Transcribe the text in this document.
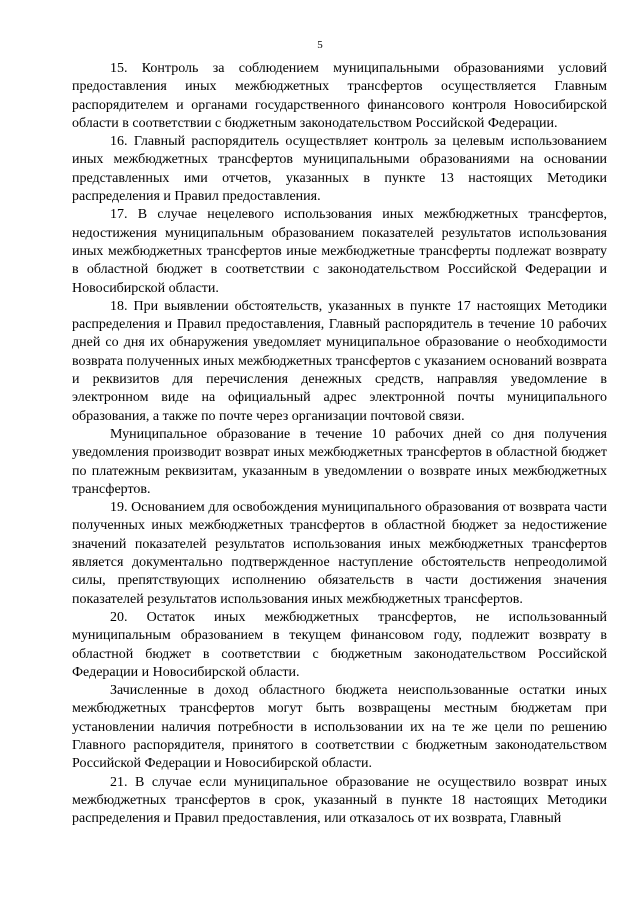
5

15. Контроль за соблюдением муниципальными образованиями условий предоставления иных межбюджетных трансфертов осуществляется Главным распорядителем и органами государственного финансового контроля Новосибирской области в соответствии с бюджетным законодательством Российской Федерации.

16. Главный распорядитель осуществляет контроль за целевым использованием иных межбюджетных трансфертов муниципальными образованиями на основании представленных ими отчетов, указанных в пункте 13 настоящих Методики распределения и Правил предоставления.

17. В случае нецелевого использования иных межбюджетных трансфертов, недостижения муниципальным образованием показателей результатов использования иных межбюджетных трансфертов иные межбюджетные трансферты подлежат возврату в областной бюджет в соответствии с законодательством Российской Федерации и Новосибирской области.

18. При выявлении обстоятельств, указанных в пункте 17 настоящих Методики распределения и Правил предоставления, Главный распорядитель в течение 10 рабочих дней со дня их обнаружения уведомляет муниципальное образование о необходимости возврата полученных иных межбюджетных трансфертов с указанием оснований возврата и реквизитов для перечисления денежных средств, направляя уведомление в электронном виде на официальный адрес электронной почты муниципального образования, а также по почте через организации почтовой связи.

Муниципальное образование в течение 10 рабочих дней со дня получения уведомления производит возврат иных межбюджетных трансфертов в областной бюджет по платежным реквизитам, указанным в уведомлении о возврате иных межбюджетных трансфертов.

19. Основанием для освобождения муниципального образования от возврата части полученных иных межбюджетных трансфертов в областной бюджет за недостижение значений показателей результатов использования иных межбюджетных трансфертов является документально подтвержденное наступление обстоятельств непреодолимой силы, препятствующих исполнению обязательств в части достижения значения показателей результатов использования иных межбюджетных трансфертов.

20. Остаток иных межбюджетных трансфертов, не использованный муниципальным образованием в текущем финансовом году, подлежит возврату в областной бюджет в соответствии с бюджетным законодательством Российской Федерации и Новосибирской области.

Зачисленные в доход областного бюджета неиспользованные остатки иных межбюджетных трансфертов могут быть возвращены местным бюджетам при установлении наличия потребности в использовании их на те же цели по решению Главного распорядителя, принятого в соответствии с бюджетным законодательством Российской Федерации и Новосибирской области.

21. В случае если муниципальное образование не осуществило возврат иных межбюджетных трансфертов в срок, указанный в пункте 18 настоящих Методики распределения и Правил предоставления, или отказалось от их возврата, Главный
